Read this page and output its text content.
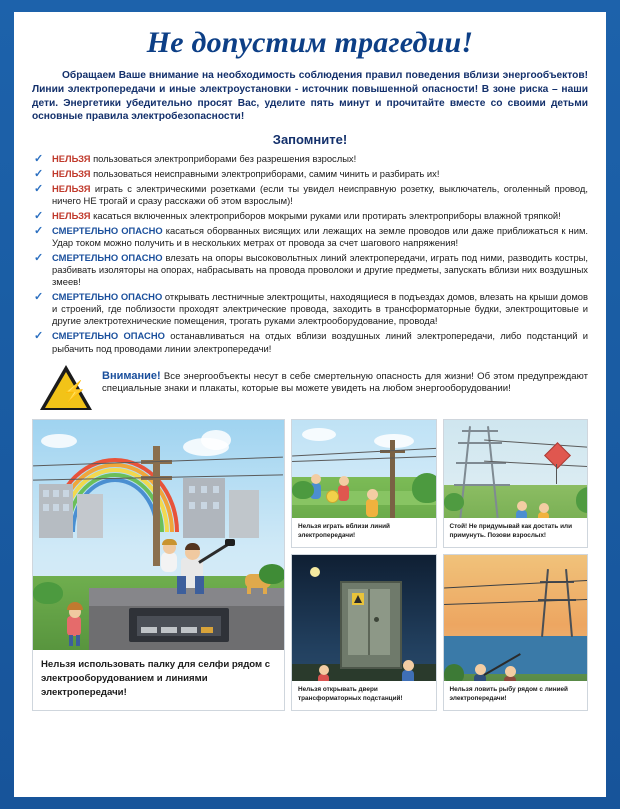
Не допустим трагедии!

Обращаем Ваше внимание на необходимость соблюдения правил поведения вблизи энергообъектов! Линии электропередачи и иные электроустановки - источник повышенной опасности! В зоне риска – наши дети. Энергетики убедительно просят Вас, уделите пять минут и прочитайте вместе со своими детьми основные правила электробезопасности!

Запомните!
✓ НЕЛЬЗЯ пользоваться электроприборами без разрешения взрослых!
✓ НЕЛЬЗЯ пользоваться неисправными электроприборами, самим чинить и разбирать их!
✓ НЕЛЬЗЯ играть с электрическими розетками (если ты увидел неисправную розетку, выключатель, оголенный провод, ничего НЕ трогай и сразу расскажи об этом взрослым)!
✓ НЕЛЬЗЯ касаться включенных электроприборов мокрыми руками или протирать электроприборы влажной тряпкой!
✓ СМЕРТЕЛЬНО ОПАСНО касаться оборванных висящих или лежащих на земле проводов или даже приближаться к ним. Удар током можно получить и в нескольких метрах от провода за счет шагового напряжения!
✓ СМЕРТЕЛЬНО ОПАСНО влезать на опоры высоковольтных линий электропередачи, играть под ними, разводить костры, разбивать изоляторы на опорах, набрасывать на провода проволоки и другие предметы, запускать вблизи них воздушных змеев!
✓ СМЕРТЕЛЬНО ОПАСНО открывать лестничные электрощиты, находящиеся в подъездах домов, влезать на крыши домов и строений, где поблизости проходят электрические провода, заходить в трансформаторные будки, электрощитовые и другие электротехнические помещения, трогать руками электрооборудование, провода!
✓ СМЕРТЕЛЬНО ОПАСНО останавливаться на отдых вблизи воздушных линий электропередачи, либо подстанций и рыбачить под проводами линии электропередачи!
⚡
Внимание! Все энергообъекты несут в себе смертельную опасность для жизни! Об этом предупреждают специальные знаки и плакаты, которые вы можете увидеть на любом энергооборудовании!
Нельзя использовать палку для селфи рядом с электрооборудованием и линиями электропередачи!
Нельзя играть вблизи линий электропередачи!
Стой! Не придумывай как достать или примунуть. Позови взрослых!
Нельзя открывать двери трансформаторных подстанций!
Нельзя ловить рыбу рядом с линией электропередачи!
